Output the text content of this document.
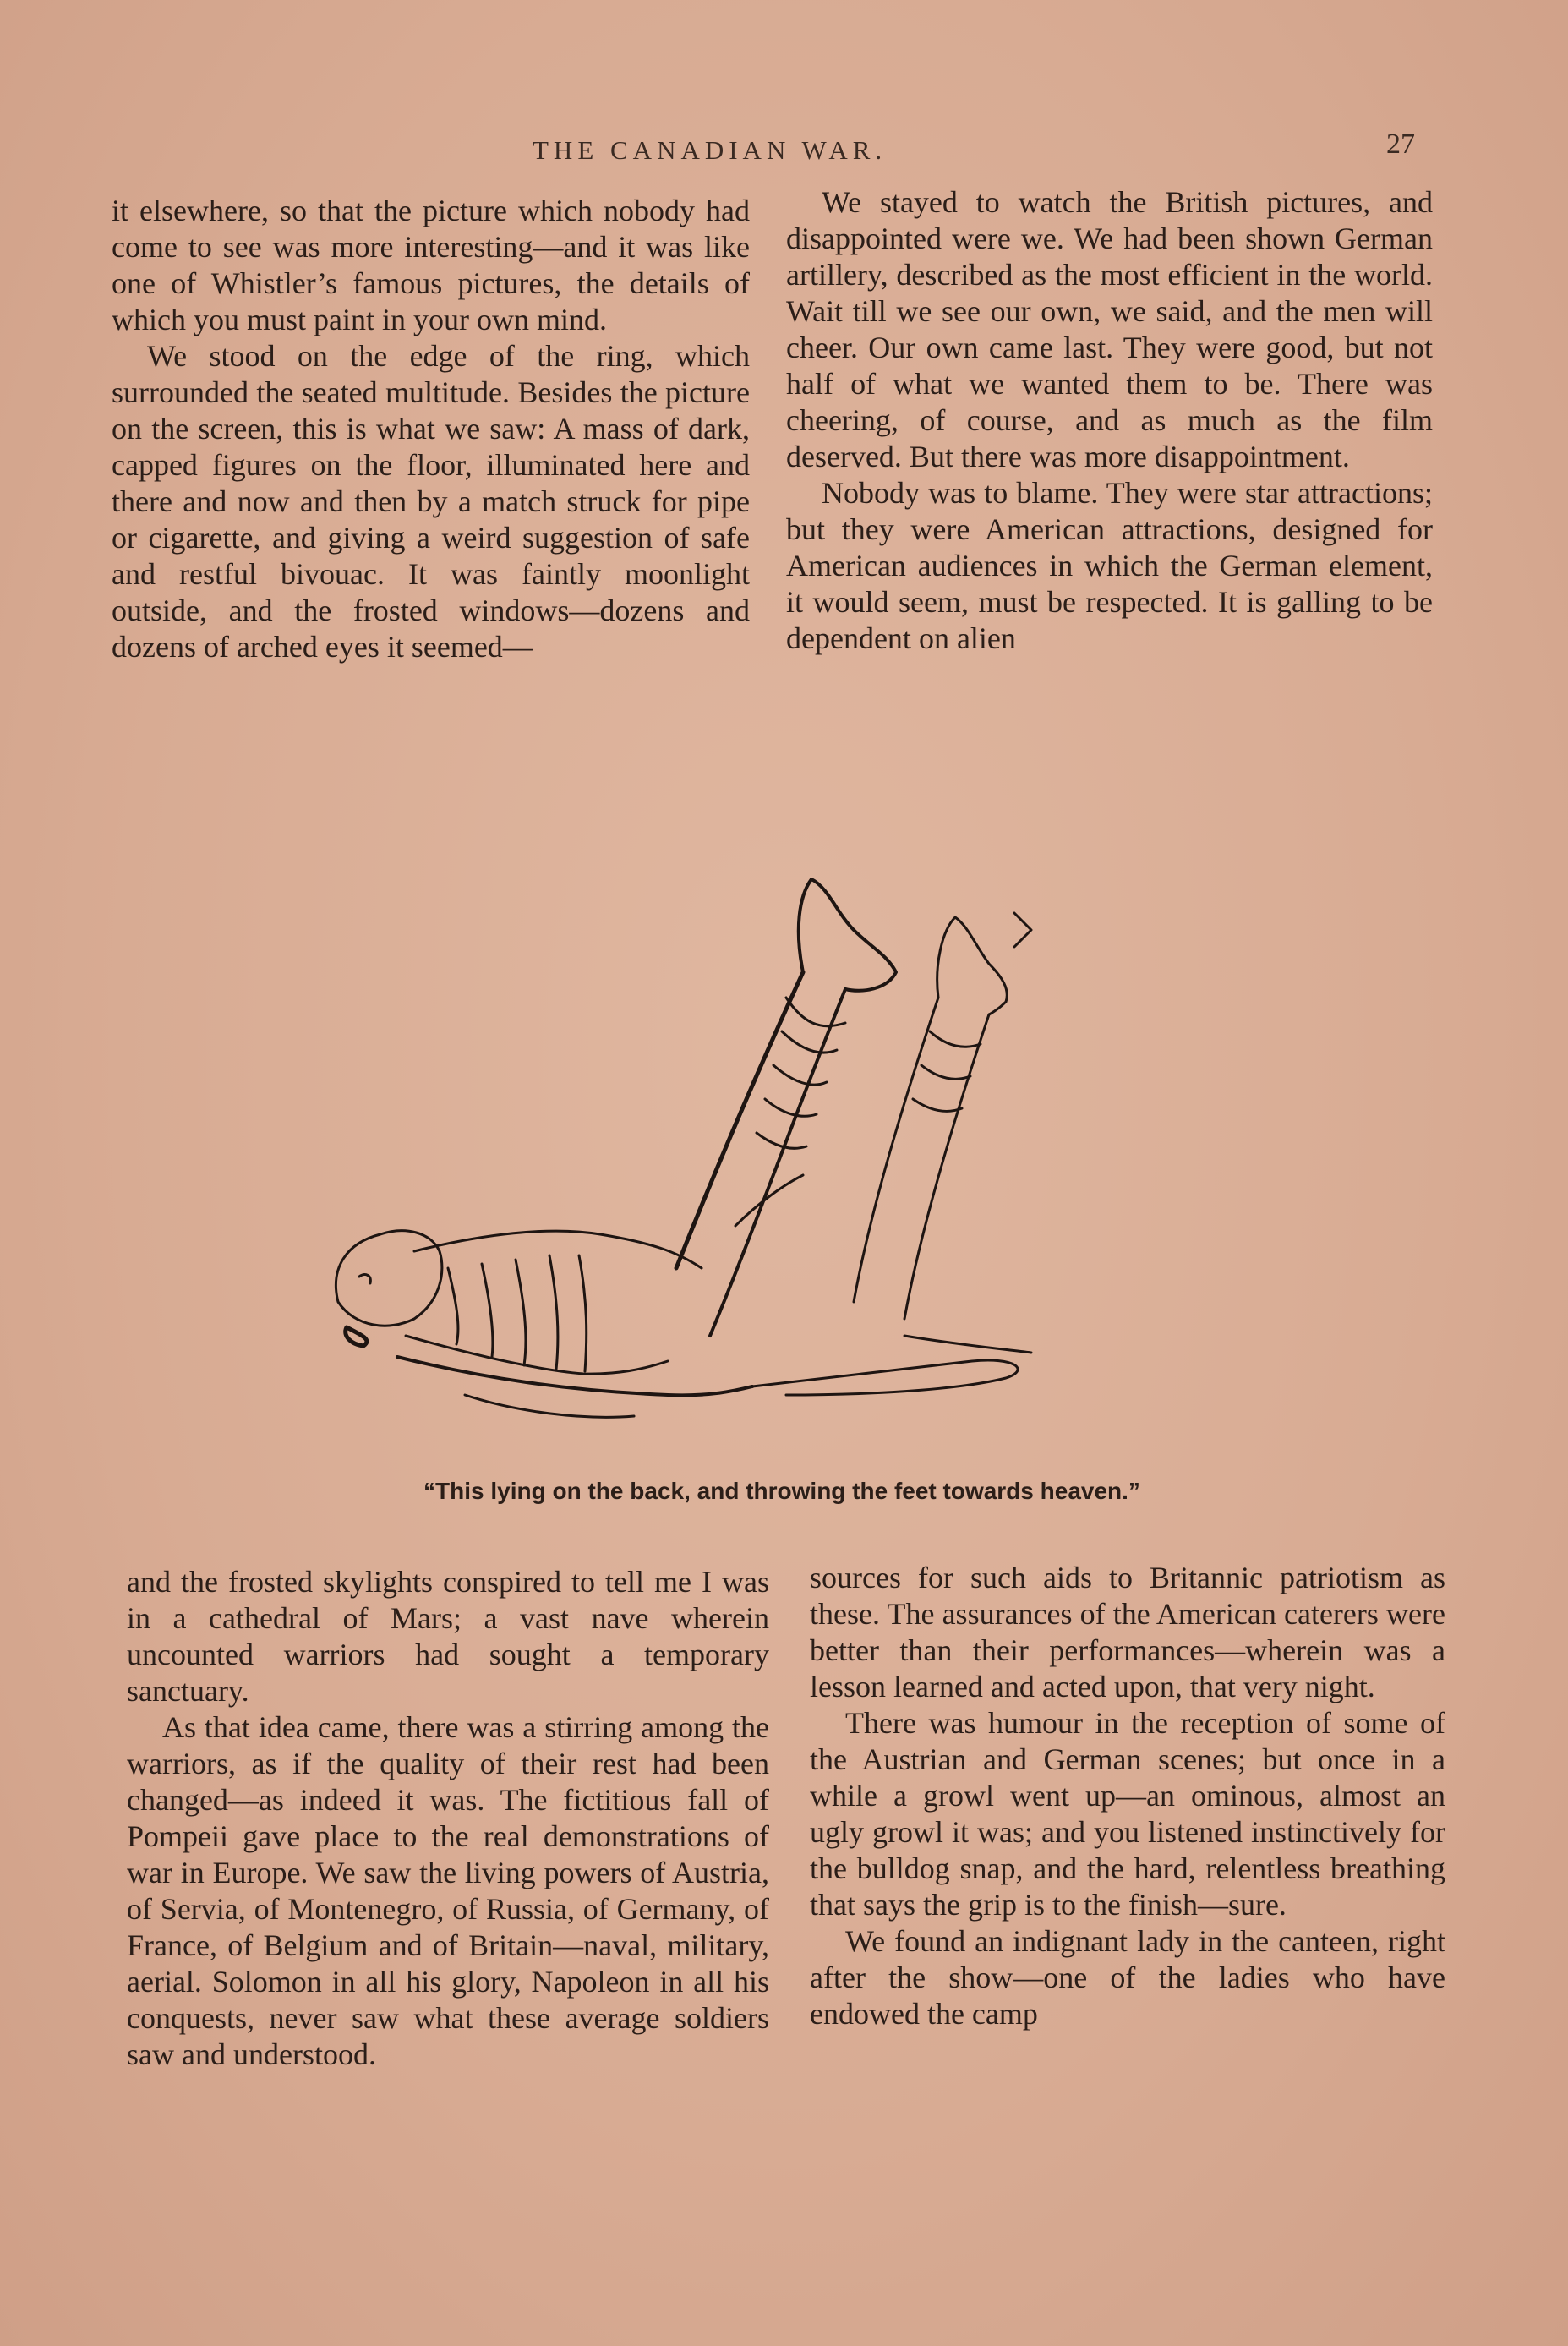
THE CANADIAN WAR.	27

it elsewhere, so that the picture which nobody had come to see was more interesting—and it was like one of Whistler’s famous pictures, the details of which you must paint in your own mind.

We stood on the edge of the ring, which surrounded the seated multitude. Besides the picture on the screen, this is what we saw: A mass of dark, capped figures on the floor, illuminated here and there and now and then by a match struck for pipe or cigarette, and giving a weird suggestion of safe and restful bivouac. It was faintly moonlight outside, and the frosted windows—dozens and dozens of arched eyes it seemed—

We stayed to watch the British pictures, and disappointed were we. We had been shown German artillery, described as the most efficient in the world. Wait till we see our own, we said, and the men will cheer. Our own came last. They were good, but not half of what we wanted them to be. There was cheering, of course, and as much as the film deserved. But there was more disappointment.

Nobody was to blame. They were star attractions; but they were American attractions, designed for American audiences in which the German element, it would seem, must be respected. It is galling to be dependent on alien

“This lying on the back, and throwing the feet towards heaven.”

and the frosted skylights conspired to tell me I was in a cathedral of Mars; a vast nave wherein uncounted warriors had sought a temporary sanctuary.

As that idea came, there was a stirring among the warriors, as if the quality of their rest had been changed—as indeed it was. The fictitious fall of Pompeii gave place to the real demonstrations of war in Europe. We saw the living powers of Austria, of Servia, of Montenegro, of Russia, of Germany, of France, of Belgium and of Britain—naval, military, aerial. Solomon in all his glory, Napoleon in all his conquests, never saw what these average soldiers saw and understood.

sources for such aids to Britannic patriotism as these. The assurances of the American caterers were better than their performances—wherein was a lesson learned and acted upon, that very night.

There was humour in the reception of some of the Austrian and German scenes; but once in a while a growl went up—an ominous, almost an ugly growl it was; and you listened instinctively for the bulldog snap, and the hard, relentless breathing that says the grip is to the finish—sure.

We found an indignant lady in the canteen, right after the show—one of the ladies who have endowed the camp
